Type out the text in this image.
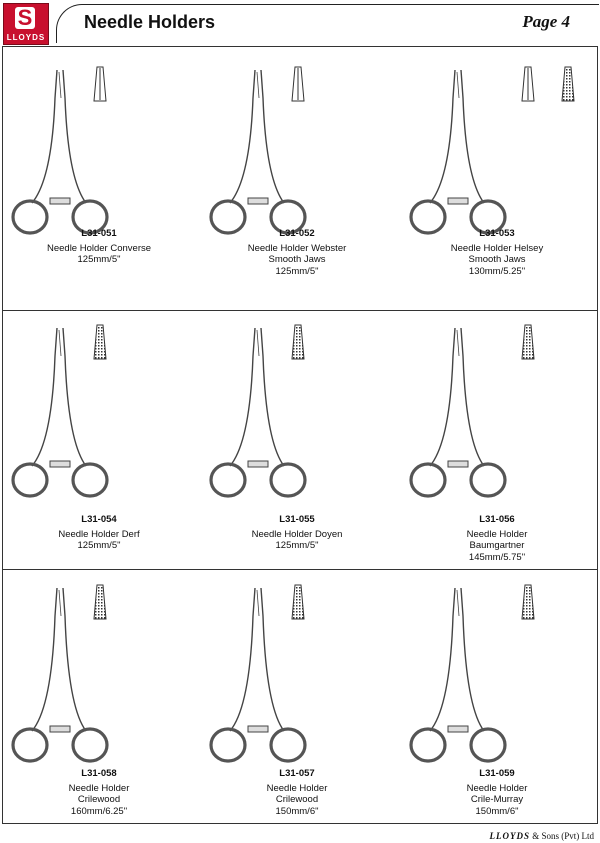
S
LLOYDS
Needle Holders	Page 4
L31-051
Needle Holder Converse
125mm/5"
L31-052
Needle Holder Webster
Smooth Jaws
125mm/5"
L31-053
Needle Holder Helsey
Smooth Jaws
130mm/5.25"
L31-054
Needle Holder Derf
125mm/5"
L31-055
Needle Holder Doyen
125mm/5"
L31-056
Needle Holder
Baumgartner
145mm/5.75"
L31-058
Needle Holder
Crilewood
160mm/6.25"
L31-057
Needle Holder
Crilewood
150mm/6"
L31-059
Needle Holder
Crile-Murray
150mm/6"
LLOYDS & Sons (Pvt) Ltd
